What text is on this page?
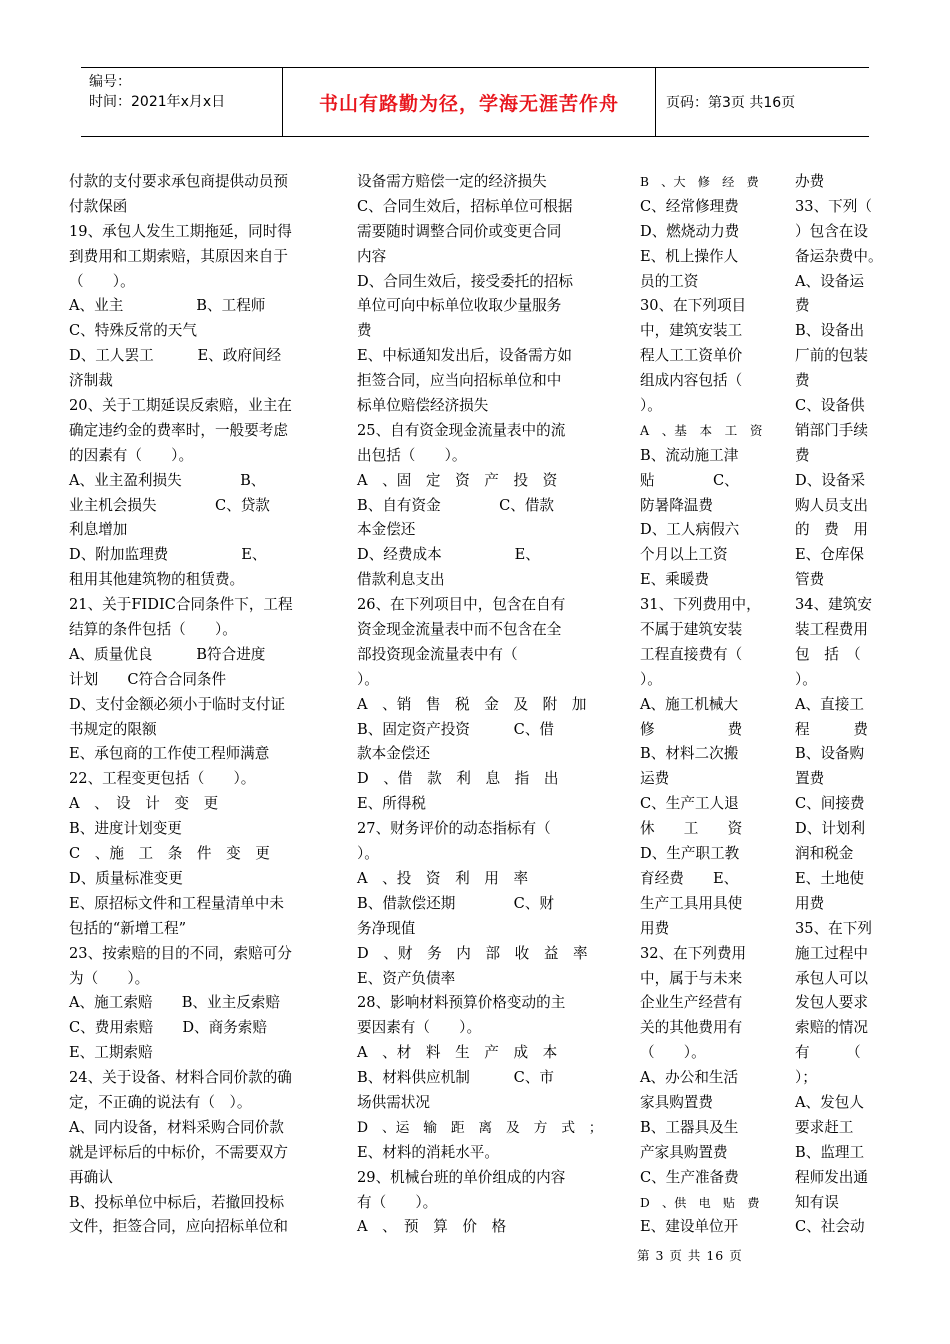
编号：
时间：2021年x月x日	书山有路勤为径，学海无涯苦作舟	页码：第3页 共16页
付款的支付要求承包商提供动员预
付款保函
19、承包人发生工期拖延，同时得
到费用和工期索赔，其原因来自于
（　　）。
A、业主　　　　　B、工程师
C、特殊反常的天气
D、工人罢工　　　E、政府间经
济制裁
20、关于工期延误反索赔，业主在
确定违约金的费率时，一般要考虑
的因素有（　　）。
A、业主盈利损失　　　　B、
业主机会损失　　　　C、贷款
利息增加
D、附加监理费　　　　　E、
租用其他建筑物的租赁费。
21、关于FIDIC合同条件下，工程
结算的条件包括（　　）。
A、质量优良　　　B符合进度
计划　　C符合合同条件
D、支付金额必须小于临时支付证
书规定的限额
E、承包商的工作使工程师满意
22、工程变更包括（　　）。
A　、　设　计　变　更
B、进度计划变更
C　、施　工　条　件　变　更
D、质量标准变更
E、原招标文件和工程量清单中未
包括的“新增工程”
23、按索赔的目的不同，索赔可分
为（　　）。
A、施工索赔　　B、业主反索赔
C、费用索赔　　D、商务索赔
E、工期索赔
24、关于设备、材料合同价款的确
定，不正确的说法有（　）。
A、同内设备，材料采购合同价款
就是评标后的中标价，不需要双方
再确认
B、投标单位中标后，若撤回投标
文件，拒签合同，应向招标单位和
设备需方赔偿一定的经济损失
C、合同生效后，招标单位可根据
需要随时调整合同价或变更合同
内容
D、合同生效后，接受委托的招标
单位可向中标单位收取少量服务
费
E、中标通知发出后，设备需方如
拒签合同，应当向招标单位和中
标单位赔偿经济损失
25、自有资金现金流量表中的流
出包括（　　）。
A　、固　定　资　产　投　资
B、自有资金　　　　C、借款
本金偿还
D、经费成本　　　　　E、
借款利息支出
26、在下列项目中，包含在自有
资金现金流量表中而不包含在全
部投资现金流量表中有（
）。
A　、销　售　税　金　及　附　加
B、固定资产投资　　　C、借
款本金偿还
D　、借　款　利　息　指　出
E、所得税
27、财务评价的动态指标有（
）。
A　、投　资　利　用　率
B、借款偿还期　　　　C、财
务净现值
D　、财　务　内　部　收　益　率
E、资产负债率
28、影响材料预算价格变动的主
要因素有（　　）。
A　、材　料　生　产　成　本
B、材料供应机制　　　C、市
场供需状况
D　、运　输　距　离　及　方　式　；
E、材料的消耗水平。
29、机械台班的单价组成的内容
有（　　）。
A　、　预　算　价　格
B　、大　修　经　费
C、经常修理费
D、燃烧动力费
E、机上操作人
员的工资
30、在下列项目
中，建筑安装工
程人工工资单价
组成内容包括（
）。
A　、基　本　工　资
B、流动施工津
贴　　　　C、
防暑降温费
D、工人病假六
个月以上工资
E、乘暖费
31、下列费用中，
不属于建筑安装
工程直接费有（
）。
A、施工机械大
修　　　　　费
B、材料二次搬
运费
C、生产工人退
休　　工　　资
D、生产职工教
育经费　　E、
生产工具用具使
用费
32、在下列费用
中，属于与未来
企业生产经营有
关的其他费用有
（　　）。
A、办公和生活
家具购置费
B、工器具及生
产家具购置费
C、生产准备费
D　、供　电　贴　费
E、建设单位开
办费
33、下列（
）包含在设
备运杂费中。
A、设备运
费
B、设备出
厂前的包装
费
C、设备供
销部门手续
费
D、设备采
购人员支出
的　费　用
E、仓库保
管费
34、建筑安
装工程费用
包　括　（
）。
A、直接工
程　　　费
B、设备购
置费
C、间接费
D、计划利
润和税金
E、土地使
用费
35、在下列
施工过程中
承包人可以
发包人要求
索赔的情况
有　　　（
）；
A、发包人
要求赶工
B、监理工
程师发出通
知有误
C、社会动
第 3 页 共 16 页
